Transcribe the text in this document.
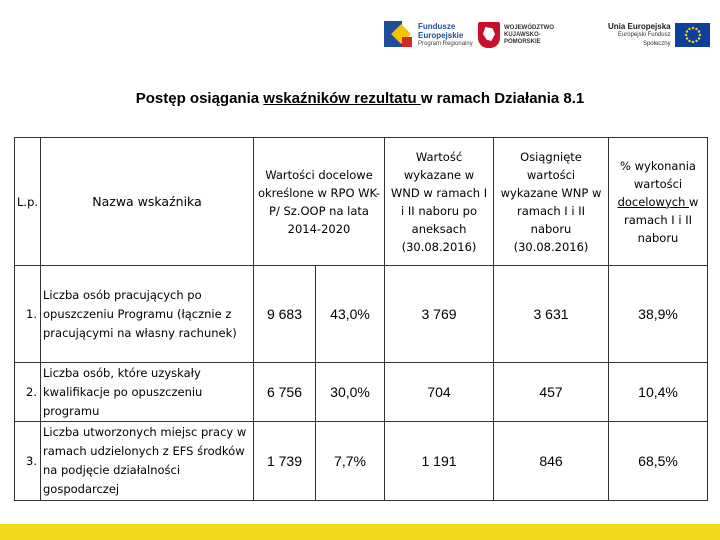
Fundusze Europejskie
Program Regionalny
WOJEWÓDZTWO KUJAWSKO-POMORSKIE
Unia Europejska
Europejski Fundusz Społeczny
Postęp osiągania wskaźników rezultatu w ramach Działania 8.1
L.p.	Nazwa wskaźnika	Wartości docelowe określone w RPO WK-P/ Sz.OOP na lata 2014-2020		Wartość wykazane w WND w ramach I i II naboru po aneksach (30.08.2016)	Osiągnięte wartości wykazane WNP w ramach I i II naboru (30.08.2016)	% wykonania wartości docelowych w ramach I i II naboru
1.	Liczba osób pracujących po opuszczeniu Programu (łącznie z pracującymi na własny rachunek)	9 683	43,0%	3 769	3 631	38,9%
2.	Liczba osób, które uzyskały kwalifikacje po opuszczeniu programu	6 756	30,0%	704	457	10,4%
3.	Liczba utworzonych miejsc pracy w ramach udzielonych z EFS środków na podjęcie działalności gospodarczej	1 739	7,7%	1 191	846	68,5%
